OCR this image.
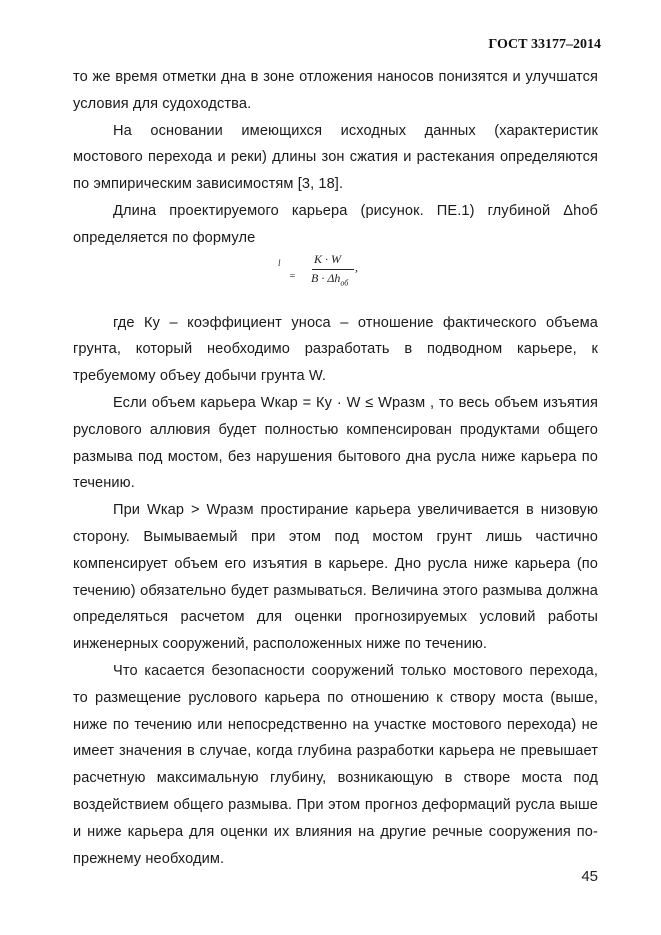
ГОСТ 33177–2014

то же время отметки дна в зоне отложения наносов понизятся и улучшатся условия для судоходства.

На основании имеющихся исходных данных (характеристик мостового перехода и реки) длины зон сжатия и растекания определяются по эмпирическим зависимостям [3, 18].

Длина проектируемого карьера (рисунок. ПЕ.1) глубиной Δhoб определяется по формуле

l
=
K · W
$B \cdot \Delta h_{об}$
,

где Ку – коэффициент уноса – отношение фактического объема грунта, который необходимо разработать в подводном карьере, к требуемому объеу добычи грунта W.

Если объем карьера Wкар = Ку · W ≤ Wразм , то весь объем изъятия руслового аллювия будет полностью компенсирован продуктами общего размыва под мостом, без нарушения бытового дна русла ниже карьера по течению.

При Wкар > Wразм простирание карьера увеличивается в низовую сторону. Вымываемый при этом под мостом грунт лишь частично компенсирует объем его изъятия в карьере. Дно русла ниже карьера (по течению) обязательно будет размываться. Величина этого размыва должна определяться расчетом для оценки прогнозируемых условий работы инженерных сооружений, расположенных ниже по течению.

Что касается безопасности сооружений только мостового перехода, то размещение руслового карьера по отношению к створу моста (выше, ниже по течению или непосредственно на участке мостового перехода) не имеет значения в случае, когда глубина разработки карьера не превышает расчетную максимальную глубину, возникающую в створе моста под воздействием общего размыва. При этом прогноз деформаций русла выше и ниже карьера для оценки их влияния на другие речные сооружения по-прежнему необходим.

45
